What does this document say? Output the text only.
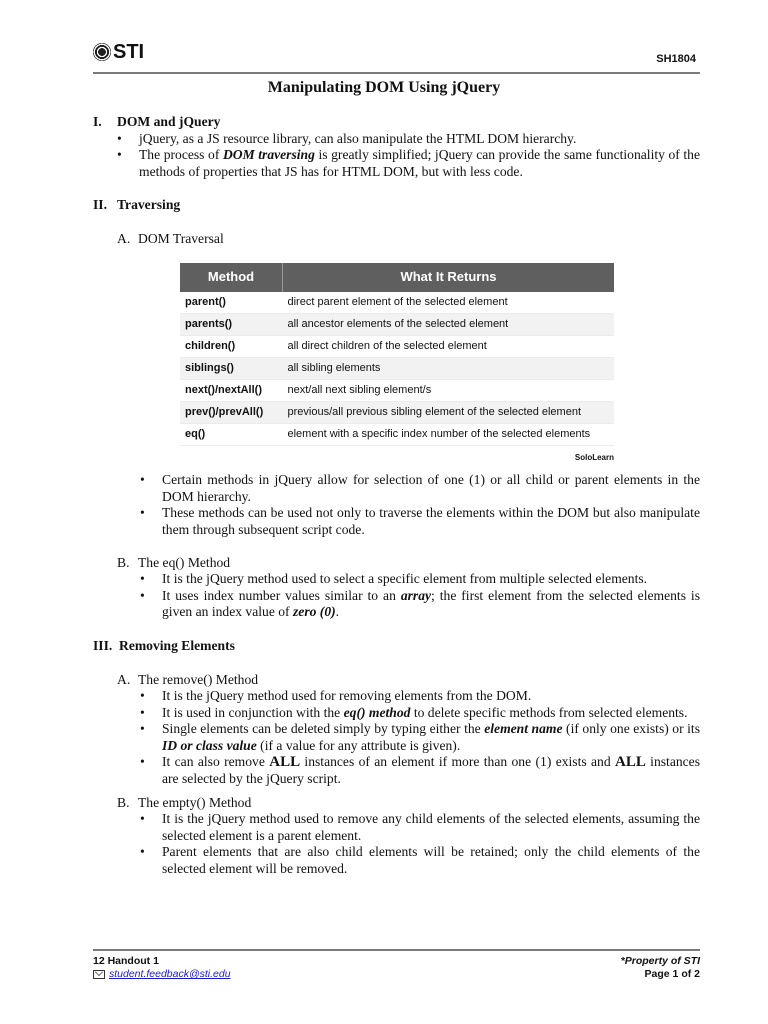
STI	SH1804
Manipulating DOM Using jQuery

I. DOM and jQuery

• jQuery, as a JS resource library, can also manipulate the HTML DOM hierarchy.
• The process of DOM traversing is greatly simplified; jQuery can provide the same functionality of the methods of properties that JS has for HTML DOM, but with less code.

II. Traversing

A. DOM Traversal

Method	What It Returns
parent()	direct parent element of the selected element
parents()	all ancestor elements of the selected element
children()	all direct children of the selected element
siblings()	all sibling elements
next()/nextAll()	next/all next sibling element/s
prev()/prevAll()	previous/all previous sibling element of the selected element
eq()	element with a specific index number of the selected elements
SoloLearn
• Certain methods in jQuery allow for selection of one (1) or all child or parent elements in the DOM hierarchy.
• These methods can be used not only to traverse the elements within the DOM but also manipulate them through subsequent script code.

B. The eq() Method

• It is the jQuery method used to select a specific element from multiple selected elements.
• It uses index number values similar to an array; the first element from the selected elements is given an index value of zero (0).

III. Removing Elements

A. The remove() Method

• It is the jQuery method used for removing elements from the DOM.
• It is used in conjunction with the eq() method to delete specific methods from selected elements.
• Single elements can be deleted simply by typing either the element name (if only one exists) or its ID or class value (if a value for any attribute is given).
• It can also remove ALL instances of an element if more than one (1) exists and ALL instances are selected by the jQuery script.

B. The empty() Method

• It is the jQuery method used to remove any child elements of the selected elements, assuming the selected element is a parent element.
• Parent elements that are also child elements will be retained; only the child elements of the selected element will be removed.
12 Handout 1
student.feedback@sti.edu
*Property of STI
Page 1 of 2
